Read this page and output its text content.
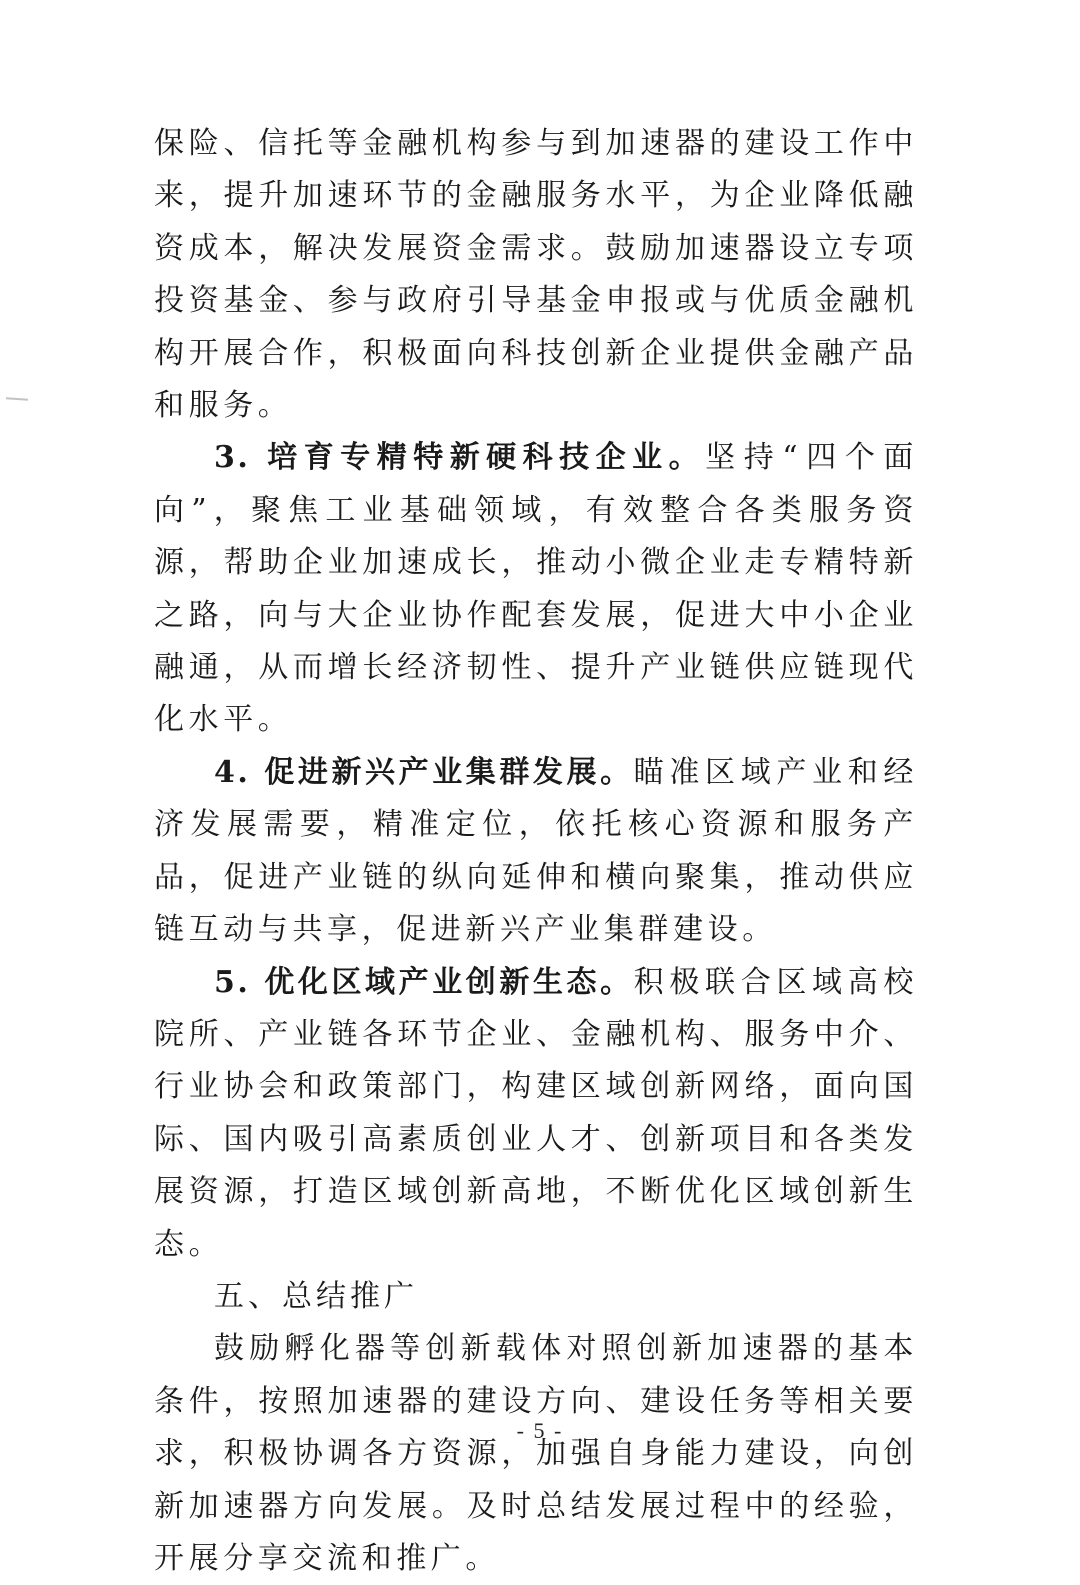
保险、信托等金融机构参与到加速器的建设工作中来，提升加速环节的金融服务水平，为企业降低融资成本，解决发展资金需求。鼓励加速器设立专项投资基金、参与政府引导基金申报或与优质金融机构开展合作，积极面向科技创新企业提供金融产品和服务。

3. 培育专精特新硬科技企业。坚持“四个面向”，聚焦工业基础领域，有效整合各类服务资源，帮助企业加速成长，推动小微企业走专精特新之路，向与大企业协作配套发展，促进大中小企业融通，从而增长经济韧性、提升产业链供应链现代化水平。

4. 促进新兴产业集群发展。瞄准区域产业和经济发展需要，精准定位，依托核心资源和服务产品，促进产业链的纵向延伸和横向聚集，推动供应链互动与共享，促进新兴产业集群建设。

5. 优化区域产业创新生态。积极联合区域高校院所、产业链各环节企业、金融机构、服务中介、行业协会和政策部门，构建区域创新网络，面向国际、国内吸引高素质创业人才、创新项目和各类发展资源，打造区域创新高地，不断优化区域创新生态。

五、总结推广

鼓励孵化器等创新载体对照创新加速器的基本条件，按照加速器的建设方向、建设任务等相关要求，积极协调各方资源，加强自身能力建设，向创新加速器方向发展。及时总结发展过程中的经验，开展分享交流和推广。

- 5 -
